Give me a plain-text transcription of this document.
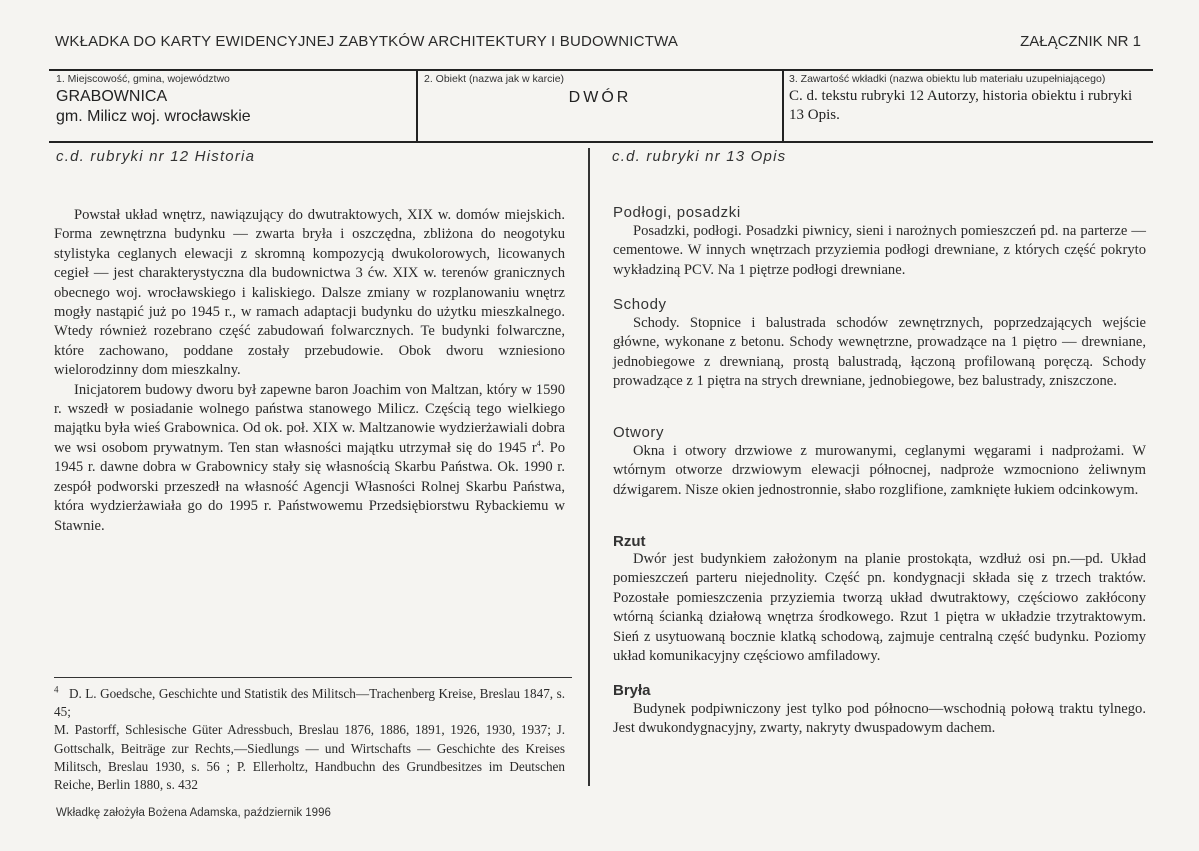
WKŁADKA DO KARTY EWIDENCYJNEJ ZABYTKÓW ARCHITEKTURY I BUDOWNICTWA	ZAŁĄCZNIK NR 1
1. Miejscowość, gmina, województwo
GRABOWNICA
gm. Milicz woj. wrocławskie
2. Obiekt (nazwa jak w karcie)
DWÓR
3. Zawartość wkładki (nazwa obiektu lub materiału uzupełniającego)
C. d. tekstu rubryki 12 Autorzy, historia obiektu i rubryki 13 Opis.
c.d. rubryki nr 12 Historia

Powstał układ wnętrz, nawiązujący do dwutraktowych, XIX w. domów miejskich. Forma zewnętrzna budynku — zwarta bryła i oszczędna, zbliżona do neogotyku stylistyka ceglanych elewacji z skromną kompozycją dwukolorowych, licowanych cegieł — jest charakterystyczna dla budownictwa 3 ćw. XIX w. terenów granicznych obecnego woj. wrocławskiego i kaliskiego. Dalsze zmiany w rozplanowaniu wnętrz mogły nastąpić już po 1945 r., w ramach adaptacji budynku do użytku mieszkalnego. Wtedy również rozebrano część zabudowań folwarcznych. Te budynki folwarczne, które zachowano, poddane zostały przebudowie. Obok dworu wzniesiono wielorodzinny dom mieszkalny.

Inicjatorem budowy dworu był zapewne baron Joachim von Maltzan, który w 1590 r. wszedł w posiadanie wolnego państwa stanowego Milicz. Częścią tego wielkiego majątku była wieś Grabownica. Od ok. poł. XIX w. Maltzanowie wydzierżawiali dobra we wsi osobom prywatnym. Ten stan własności majątku utrzymał się do 1945 $r^4$. Po 1945 r. dawne dobra w Grabownicy stały się własnością Skarbu Państwa. Ok. 1990 r. zespół podworski przeszedł na własność Agencji Własności Rolnej Skarbu Państwa, która wydzierżawiała go do 1995 r. Państwowemu Przedsiębiorstwu Rybackiemu w Stawnie.

$^4$ D. L. Goedsche, Geschichte und Statistik des Militsch—Trachenberg Kreise, Breslau 1847, s. 45;

M. Pastorff, Schlesische Güter Adressbuch, Breslau 1876, 1886, 1891, 1926, 1930, 1937; J. Gottschalk, Beiträge zur Rechts,—Siedlungs — und Wirtschafts — Geschichte des Kreises Militsch, Breslau 1930, s. 56 ; P. Ellerholtz, Handbuchn des Grundbesitzes im Deutschen Reiche, Berlin 1880, s. 432

Wkładkę założyła Bożena Adamska, październik 1996
c.d. rubryki nr 13 Opis
Podłogi, posadzki

Posadzki, podłogi. Posadzki piwnicy, sieni i narożnych pomieszczeń pd. na parterze — cementowe. W innych wnętrzach przyziemia podłogi drewniane, z których część pokryto wykładziną PCV. Na 1 piętrze podłogi drewniane.

Schody

Schody. Stopnice i balustrada schodów zewnętrznych, poprzedzających wejście główne, wykonane z betonu. Schody wewnętrzne, prowadzące na 1 piętro — drewniane, jednobiegowe z drewnianą, prostą balustradą, łączoną profilowaną poręczą. Schody prowadzące z 1 piętra na strych drewniane, jednobiegowe, bez balustrady, zniszczone.

Otwory

Okna i otwory drzwiowe z murowanymi, ceglanymi węgarami i nadprożami. W wtórnym otworze drzwiowym elewacji północnej, nadproże wzmocniono żeliwnym dźwigarem. Nisze okien jednostronnie, słabo rozglifione, zamknięte łukiem odcinkowym.

Rzut

Dwór jest budynkiem założonym na planie prostokąta, wzdłuż osi pn.—pd. Układ pomieszczeń parteru niejednolity. Część pn. kondygnacji składa się z trzech traktów. Pozostałe pomieszczenia przyziemia tworzą układ dwutraktowy, częściowo zakłócony wtórną ścianką działową wnętrza środkowego. Rzut 1 piętra w układzie trzytraktowym. Sień z usytuowaną bocznie klatką schodową, zajmuje centralną część budynku. Poziomy układ komunikacyjny częściowo amfiladowy.

Bryła

Budynek podpiwniczony jest tylko pod północno—wschodnią połową traktu tylnego. Jest dwukondygnacyjny, zwarty, nakryty dwuspadowym dachem.
